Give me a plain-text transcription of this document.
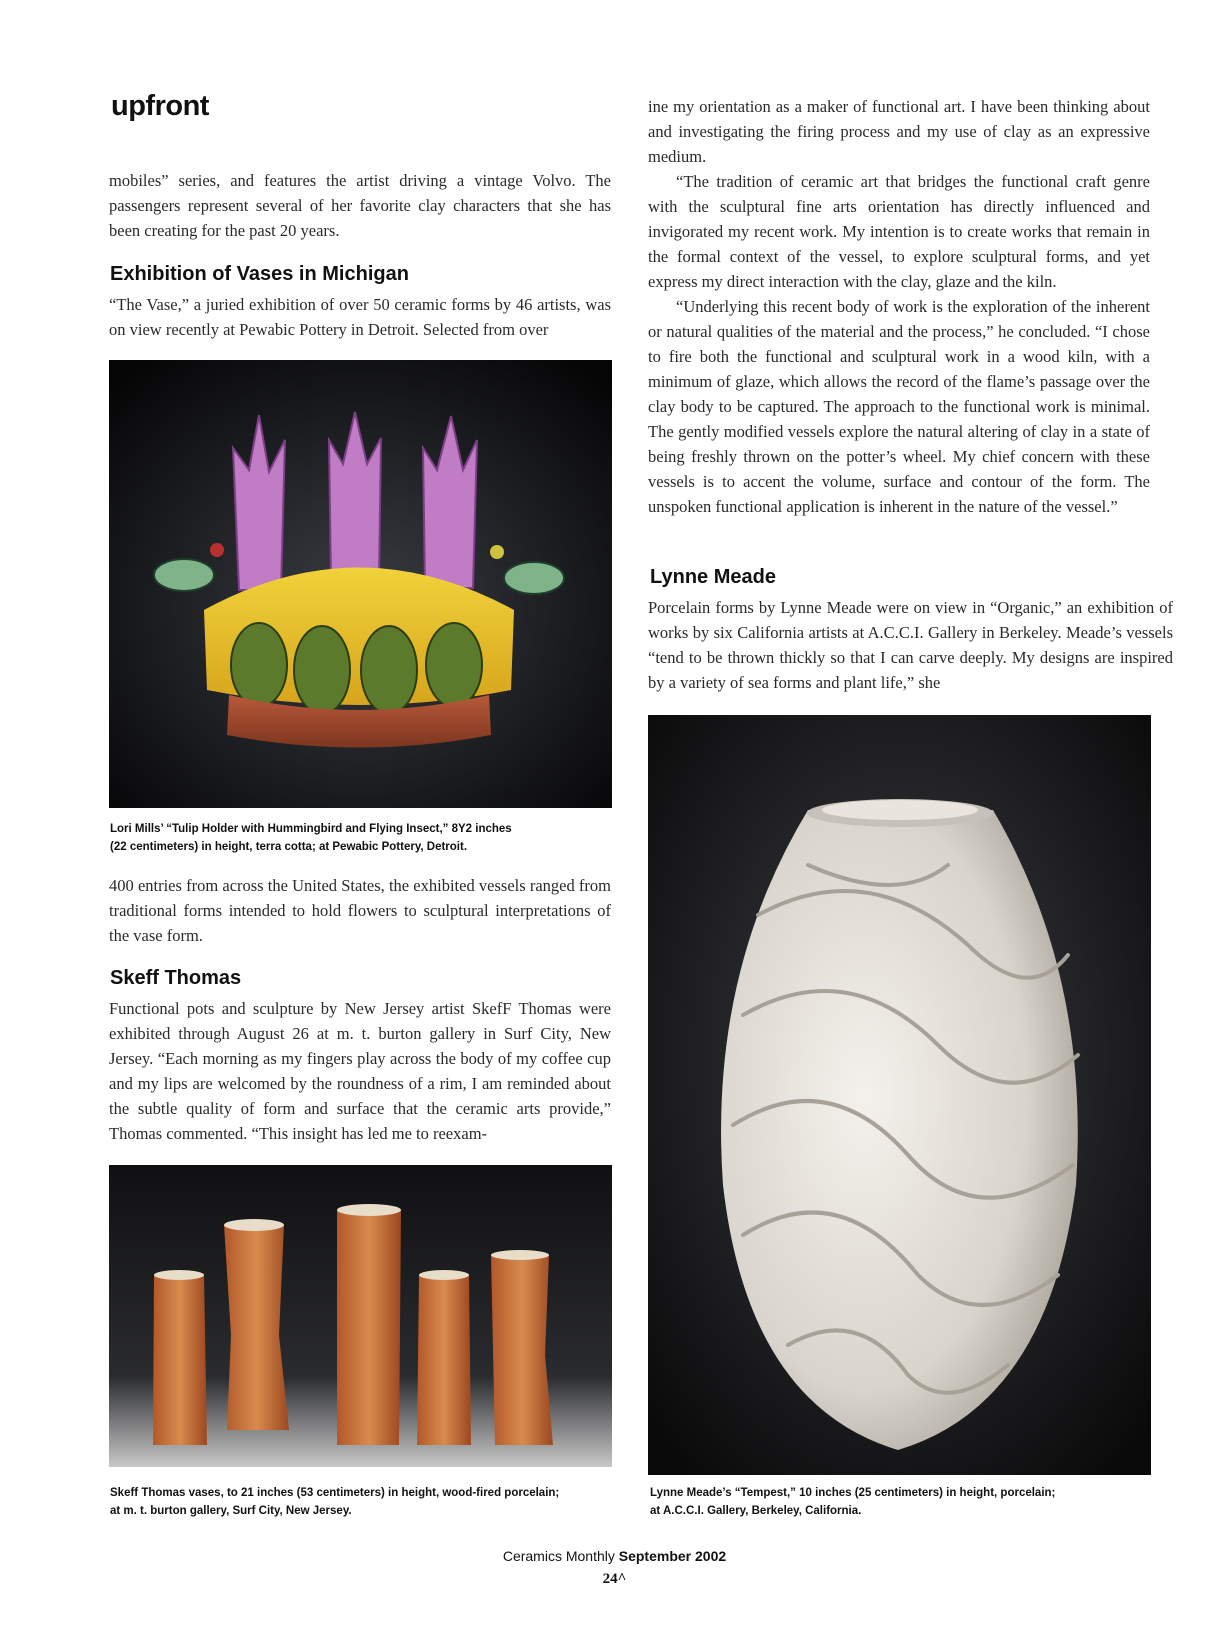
upfront

mobiles” series, and features the artist driving a vintage Volvo. The passengers represent several of her favorite clay characters that she has been creating for the past 20 years.

Exhibition of Vases in Michigan

“The Vase,” a juried exhibition of over 50 ceramic forms by 46 artists, was on view recently at Pewabic Pottery in Detroit. Selected from over

Lori Mills’ “Tulip Holder with Hummingbird and Flying Insect,” 8Y2 inches
(22 centimeters) in height, terra cotta; at Pewabic Pottery, Detroit.

400 entries from across the United States, the exhibited vessels ranged from traditional forms intended to hold flowers to sculptural interpretations of the vase form.

Skeff Thomas

Functional pots and sculpture by New Jersey artist SkefF Thomas were exhibited through August 26 at m. t. burton gallery in Surf City, New Jersey. “Each morning as my fingers play across the body of my coffee cup and my lips are welcomed by the roundness of a rim, I am reminded about the subtle quality of form and surface that the ceramic arts provide,” Thomas commented. “This insight has led me to reexam-

Skeff Thomas vases, to 21 inches (53 centimeters) in height, wood-fired porcelain;
at m. t. burton gallery, Surf City, New Jersey.

ine my orientation as a maker of functional art. I have been thinking about and investigating the firing process and my use of clay as an expressive medium.

“The tradition of ceramic art that bridges the functional craft genre with the sculptural fine arts orientation has directly influenced and invigorated my recent work. My intention is to create works that remain in the formal context of the vessel, to explore sculptural forms, and yet express my direct interaction with the clay, glaze and the kiln.

“Underlying this recent body of work is the exploration of the inherent or natural qualities of the material and the process,” he concluded. “I chose to fire both the functional and sculptural work in a wood kiln, with a minimum of glaze, which allows the record of the flame’s passage over the clay body to be captured. The approach to the functional work is minimal. The gently modified vessels explore the natural altering of clay in a state of being freshly thrown on the potter’s wheel. My chief concern with these vessels is to accent the volume, surface and contour of the form. The unspoken functional application is inherent in the nature of the vessel.”

Lynne Meade

Porcelain forms by Lynne Meade were on view in “Organic,” an exhibition of works by six California artists at A.C.C.I. Gallery in Berkeley. Meade’s vessels “tend to be thrown thickly so that I can carve deeply. My designs are inspired by a variety of sea forms and plant life,” she

Lynne Meade’s “Tempest,” 10 inches (25 centimeters) in height, porcelain;
at A.C.C.I. Gallery, Berkeley, California.
Ceramics Monthly September 2002
24^
